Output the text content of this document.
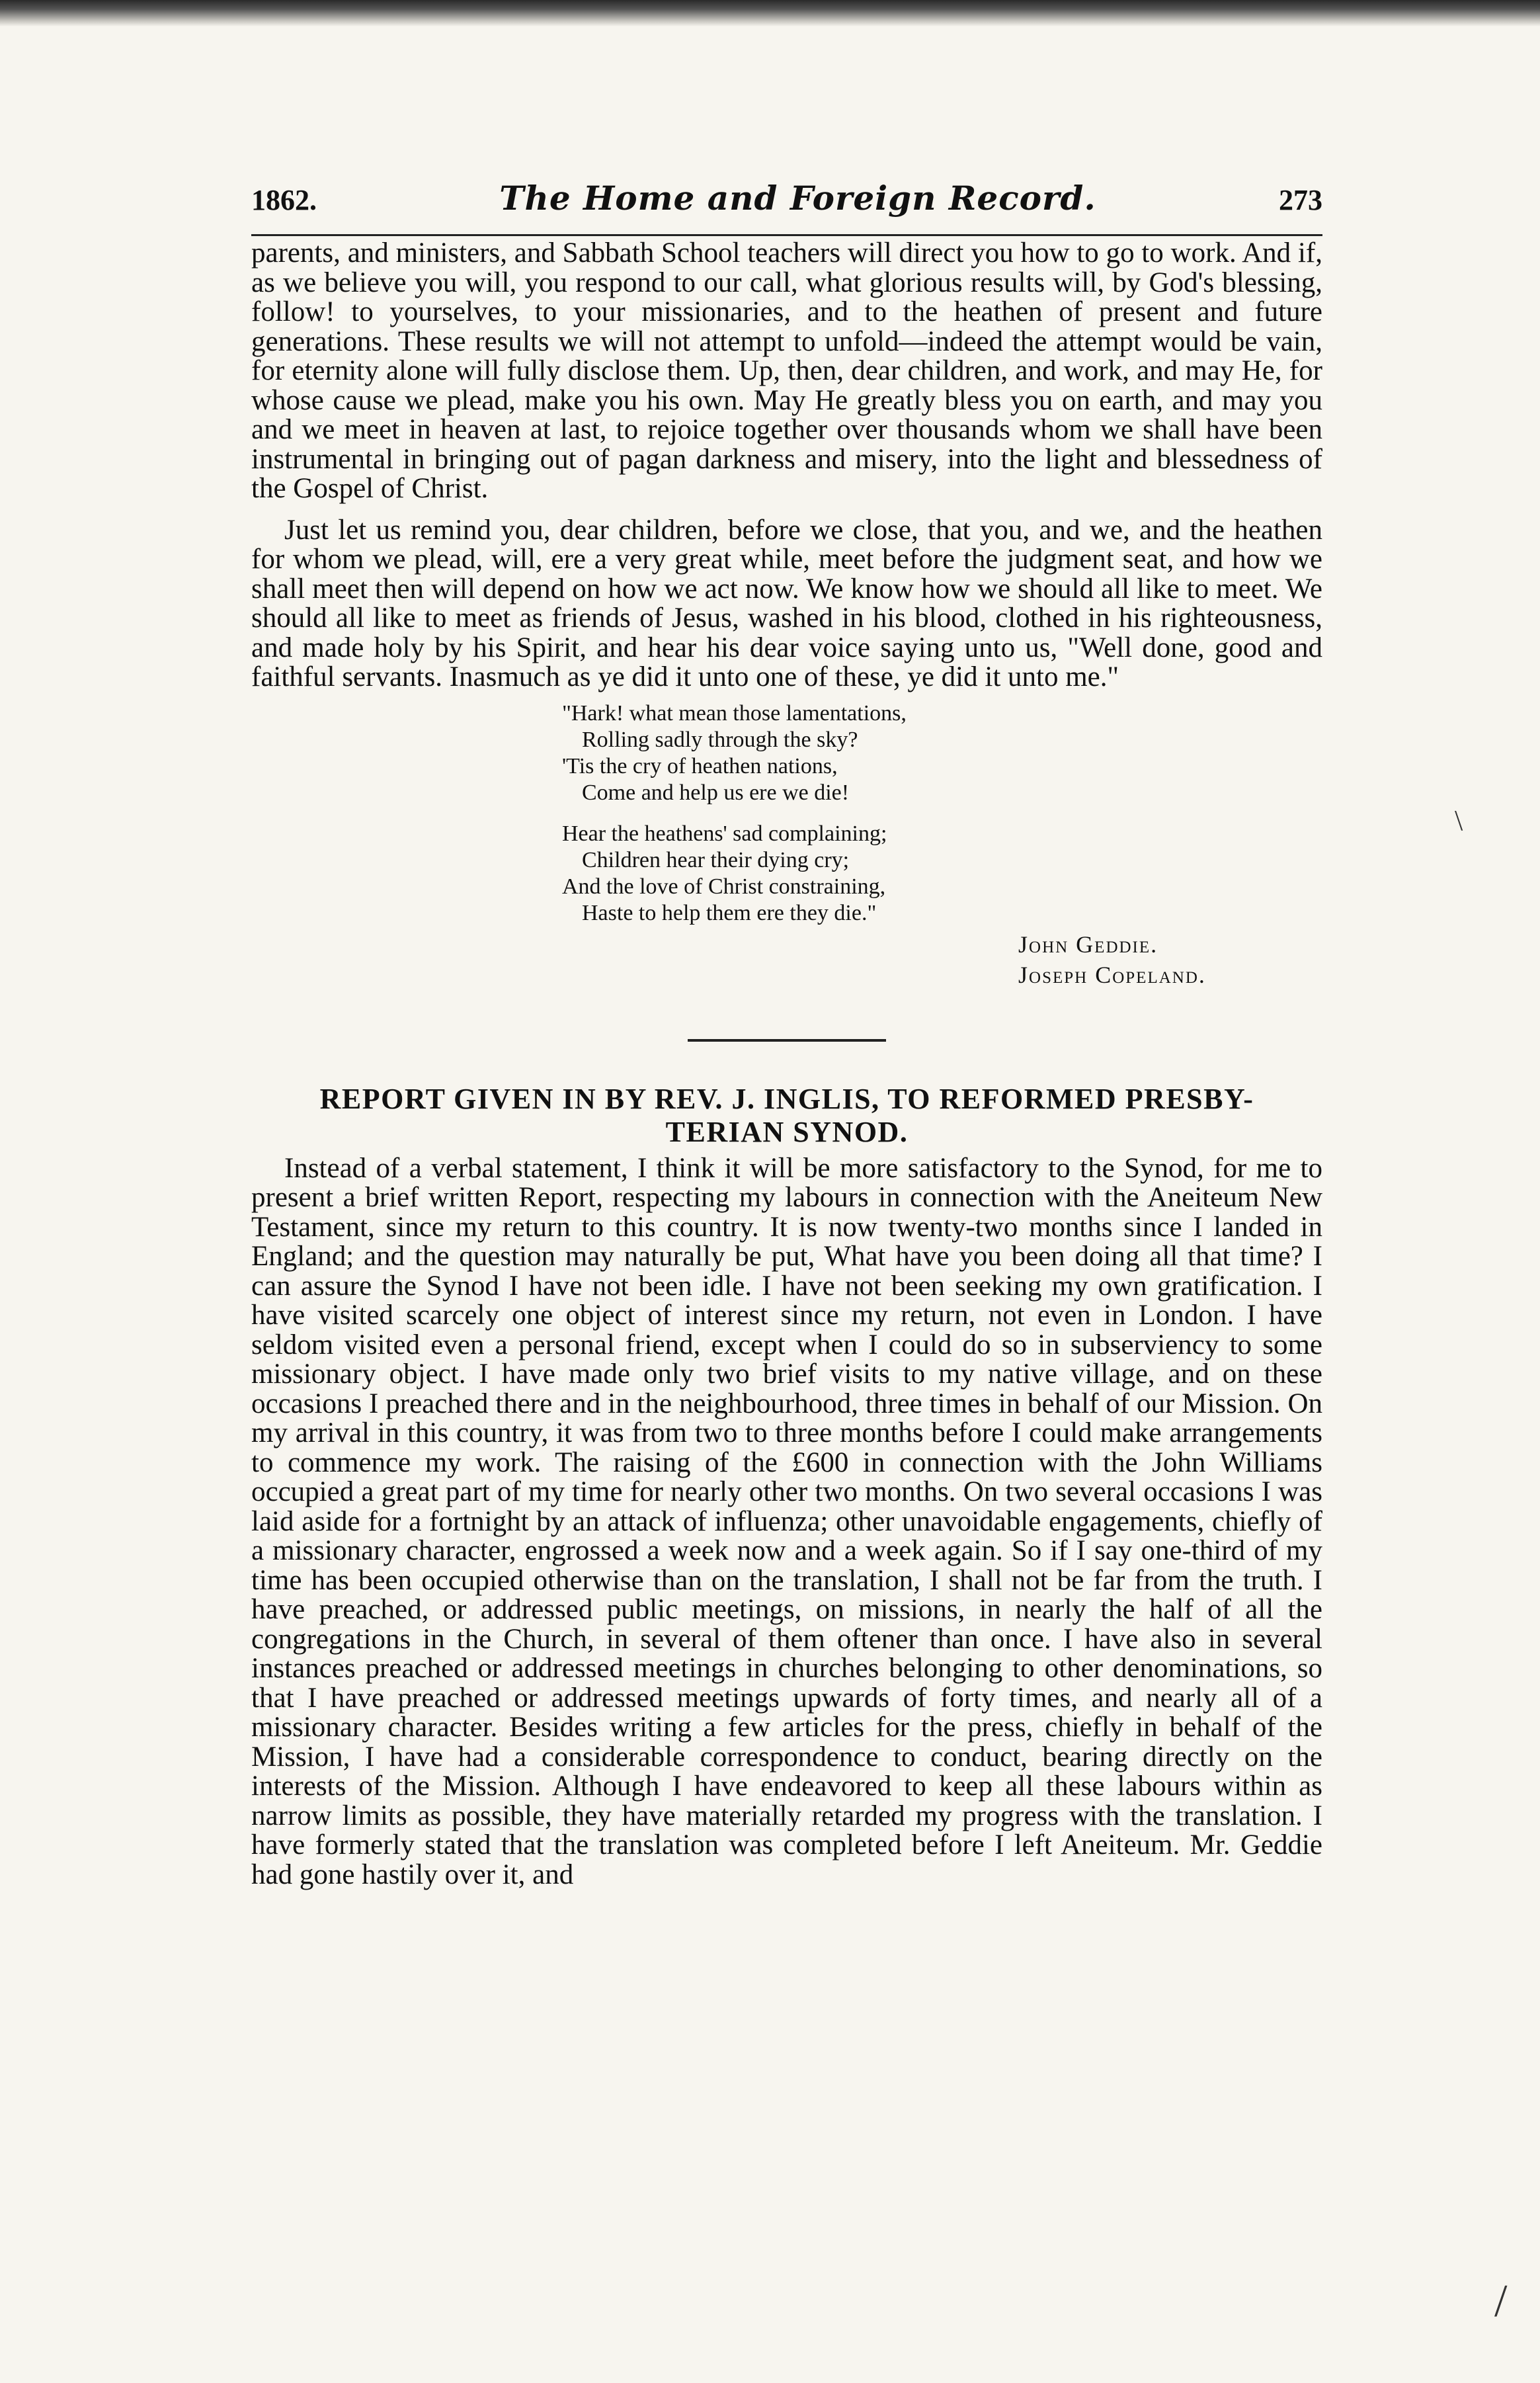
1862.	The Home and Foreign Record.	273

parents, and ministers, and Sabbath School teachers will direct you how to go to work. And if, as we believe you will, you respond to our call, what glorious results will, by God's blessing, follow! to yourselves, to your missionaries, and to the heathen of present and future generations. These results we will not attempt to unfold—indeed the attempt would be vain, for eternity alone will fully disclose them. Up, then, dear children, and work, and may He, for whose cause we plead, make you his own. May He greatly bless you on earth, and may you and we meet in heaven at last, to rejoice together over thousands whom we shall have been instrumental in bringing out of pagan darkness and misery, into the light and blessedness of the Gospel of Christ.

Just let us remind you, dear children, before we close, that you, and we, and the heathen for whom we plead, will, ere a very great while, meet before the judgment seat, and how we shall meet then will depend on how we act now. We know how we should all like to meet. We should all like to meet as friends of Jesus, washed in his blood, clothed in his righteousness, and made holy by his Spirit, and hear his dear voice saying unto us, "Well done, good and faithful servants. Inasmuch as ye did it unto one of these, ye did it unto me."

"Hark! what mean those lamentations,
Rolling sadly through the sky?
'Tis the cry of heathen nations,
Come and help us ere we die!
Hear the heathens' sad complaining;
Children hear their dying cry;
And the love of Christ constraining,
Haste to help them ere they die."
John Geddie.
Joseph Copeland.
REPORT GIVEN IN BY REV. J. INGLIS, TO REFORMED PRESBY-
TERIAN SYNOD.

Instead of a verbal statement, I think it will be more satisfactory to the Synod, for me to present a brief written Report, respecting my labours in connection with the Aneiteum New Testament, since my return to this country. It is now twenty-two months since I landed in England; and the question may naturally be put, What have you been doing all that time? I can assure the Synod I have not been idle. I have not been seeking my own gratification. I have visited scarcely one object of interest since my return, not even in London. I have seldom visited even a personal friend, except when I could do so in subserviency to some missionary object. I have made only two brief visits to my native village, and on these occasions I preached there and in the neighbourhood, three times in behalf of our Mission. On my arrival in this country, it was from two to three months before I could make arrangements to commence my work. The raising of the £600 in connection with the John Williams occupied a great part of my time for nearly other two months. On two several occasions I was laid aside for a fortnight by an attack of influenza; other unavoidable engagements, chiefly of a missionary character, engrossed a week now and a week again. So if I say one-third of my time has been occupied otherwise than on the translation, I shall not be far from the truth. I have preached, or addressed public meetings, on missions, in nearly the half of all the congregations in the Church, in several of them oftener than once. I have also in several instances preached or addressed meetings in churches belonging to other denominations, so that I have preached or addressed meetings upwards of forty times, and nearly all of a missionary character. Besides writing a few articles for the press, chiefly in behalf of the Mission, I have had a considerable correspondence to conduct, bearing directly on the interests of the Mission. Although I have endeavored to keep all these labours within as narrow limits as possible, they have materially retarded my progress with the translation. I have formerly stated that the translation was completed before I left Aneiteum. Mr. Geddie had gone hastily over it, and

\
/
